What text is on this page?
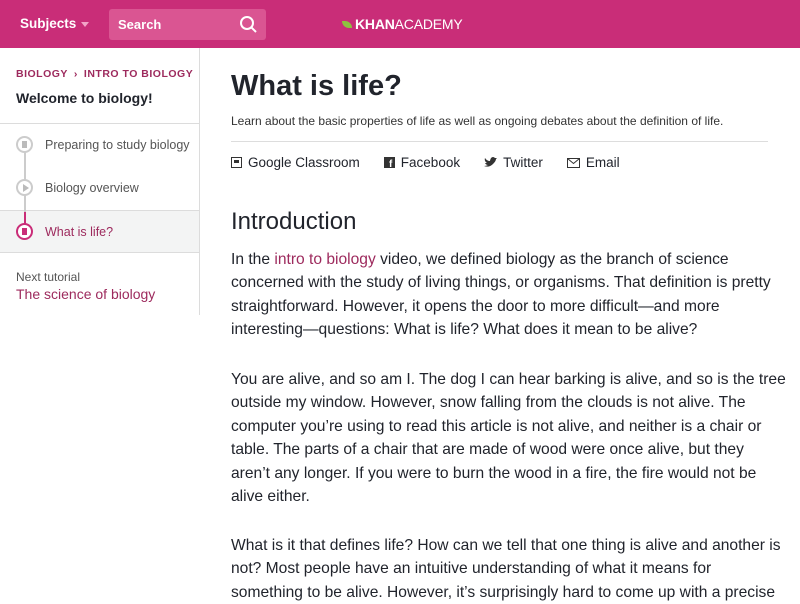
Subjects	Search	KHANACADEMY
BIOLOGY › INTRO TO BIOLOGY
Welcome to biology!
Preparing to study biology
Biology overview
What is life?
Next tutorial
The science of biology
What is life?
Learn about the basic properties of life as well as ongoing debates about the definition of life.
Google Classroom	f Facebook	Twitter	Email
Introduction
In the intro to biology video, we defined biology as the branch of science
concerned with the study of living things, or organisms. That definition is pretty
straightforward. However, it opens the door to more difficult—and more
interesting—questions: What is life? What does it mean to be alive?
You are alive, and so am I. The dog I can hear barking is alive, and so is the tree
outside my window. However, snow falling from the clouds is not alive. The
computer you’re using to read this article is not alive, and neither is a chair or
table. The parts of a chair that are made of wood were once alive, but they
aren’t any longer. If you were to burn the wood in a fire, the fire would not be
alive either.
What is it that defines life? How can we tell that one thing is alive and another is
not? Most people have an intuitive understanding of what it means for
something to be alive. However, it’s surprisingly hard to come up with a precise
